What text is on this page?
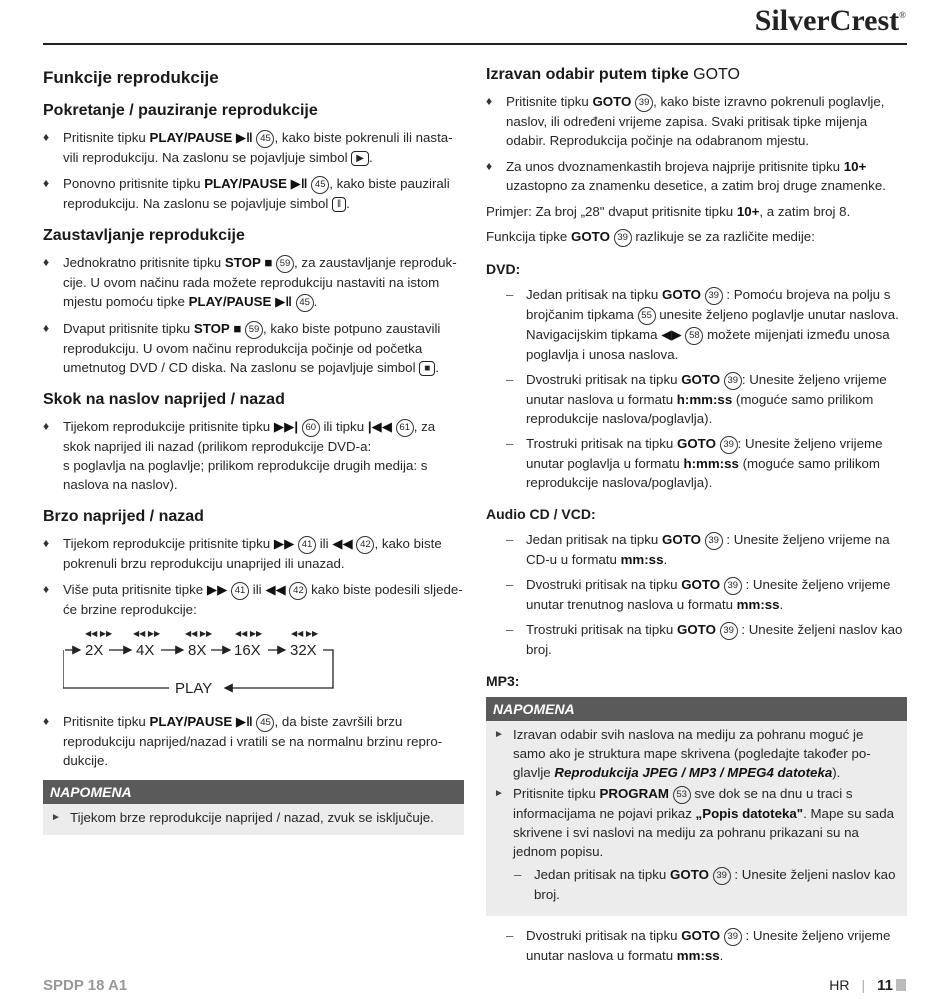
SilverCrest®
Funkcije reprodukcije
Pokretanje / pauziranje reprodukcije
♦ Pritisnite tipku PLAY/PAUSE ▶ǁ 45 , kako biste pokrenuli ili nasta-vili reprodukciju. Na zaslonu se pojavljuje simbol ▶ .
♦ Ponovno pritisnite tipku PLAY/PAUSE ▶ǁ 45 , kako biste pauzirali reprodukciju. Na zaslonu se pojavljuje simbol ǁ .
Zaustavljanje reprodukcije
♦ Jednokratno pritisnite tipku STOP ■ 59 , za zaustavljanje reproduk-cije. U ovom načinu rada možete reprodukciju nastaviti na istom mjestu pomoću tipke PLAY/PAUSE ▶ǁ 45 .
♦ Dvaput pritisnite tipku STOP ■ 59 , kako biste potpuno zaustavili reprodukciju. U ovom načinu reprodukcija počinje od početka umetnutog DVD / CD diska. Na zaslonu se pojavljuje simbol ■ .
Skok na naslov naprijed / nazad
♦ Tijekom reprodukcije pritisnite tipku ▶▶| 60 ili tipku |◀◀ 61 , za skok naprijed ili nazad (prilikom reprodukcije DVD-a:
s poglavlja na poglavlje; prilikom reprodukcije drugih medija: s naslova na naslov).
Brzo naprijed / nazad
♦ Tijekom reprodukcije pritisnite tipku ▶▶ 41 ili ◀◀ 42 , kako biste pokrenuli brzu reprodukciju unaprijed ili unazad.
♦ Više puta pritisnite tipke ▶▶ 41 ili ◀◀ 42 kako biste podesili sljede-će brzine reprodukcije:
◀◀ ▶▶	◀◀ ▶▶	◀◀ ▶▶	◀◀ ▶▶	◀◀ ▶▶
2X 4X 8X 16X 32X
PLAY
♦ Pritisnite tipku PLAY/PAUSE ▶ǁ 45 , da biste završili brzu reprodukciju naprijed/nazad i vratili se na normalnu brzinu repro-dukcije.
NAPOMENA
► Tijekom brze reprodukcije naprijed / nazad, zvuk se isključuje.
Izravan odabir putem tipke GOTO
♦ Pritisnite tipku GOTO 39 , kako biste izravno pokrenuli poglavlje, naslov, ili određeni vrijeme zapisa. Svaki pritisak tipke mijenja odabir. Reprodukcija počinje na odabranom mjestu.
♦ Za unos dvoznamenkastih brojeva najprije pritisnite tipku 10+ uzastopno za znamenku desetice, a zatim broj druge znamenke.
Primjer: Za broj „28" dvaput pritisnite tipku 10+, a zatim broj 8.
Funkcija tipke GOTO 39 razlikuje se za različite medije:
DVD:
– Jedan pritisak na tipku GOTO 39 : Pomoću brojeva na polju s brojčanim tipkama 55 unesite željeno poglavlje unutar naslova. Navigacijskim tipkama ◀▶ 58 možete mijenjati između unosa poglavlja i unosa naslova.
– Dvostruki pritisak na tipku GOTO 39 : Unesite željeno vrijeme unutar naslova u formatu h:mm:ss (moguće samo prilikom reprodukcije naslova/poglavlja).
– Trostruki pritisak na tipku GOTO 39 : Unesite željeno vrijeme unutar poglavlja u formatu h:mm:ss (moguće samo prilikom reprodukcije naslova/poglavlja).
Audio CD / VCD:
– Jedan pritisak na tipku GOTO 39 : Unesite željeno vrijeme na CD-u u formatu mm:ss.
– Dvostruki pritisak na tipku GOTO 39 : Unesite željeno vrijeme unutar trenutnog naslova u formatu mm:ss.
– Trostruki pritisak na tipku GOTO 39 : Unesite željeni naslov kao broj.
MP3:
NAPOMENA
► Izravan odabir svih naslova na mediju za pohranu moguć je samo ako je struktura mape skrivena (pogledajte također po-glavlje Reprodukcija JPEG / MP3 / MPEG4 datoteka).
► Pritisnite tipku PROGRAM 53 sve dok se na dnu u traci s informacijama ne pojavi prikaz „Popis datoteka". Mape su sada skrivene i svi naslovi na mediju za pohranu prikazani su na jednom popisu.
– Jedan pritisak na tipku GOTO 39 : Unesite željeni naslov kao broj.
– Dvostruki pritisak na tipku GOTO 39 : Unesite željeno vrijeme unutar naslova u formatu mm:ss.
SPDP 18 A1	HR | 11
